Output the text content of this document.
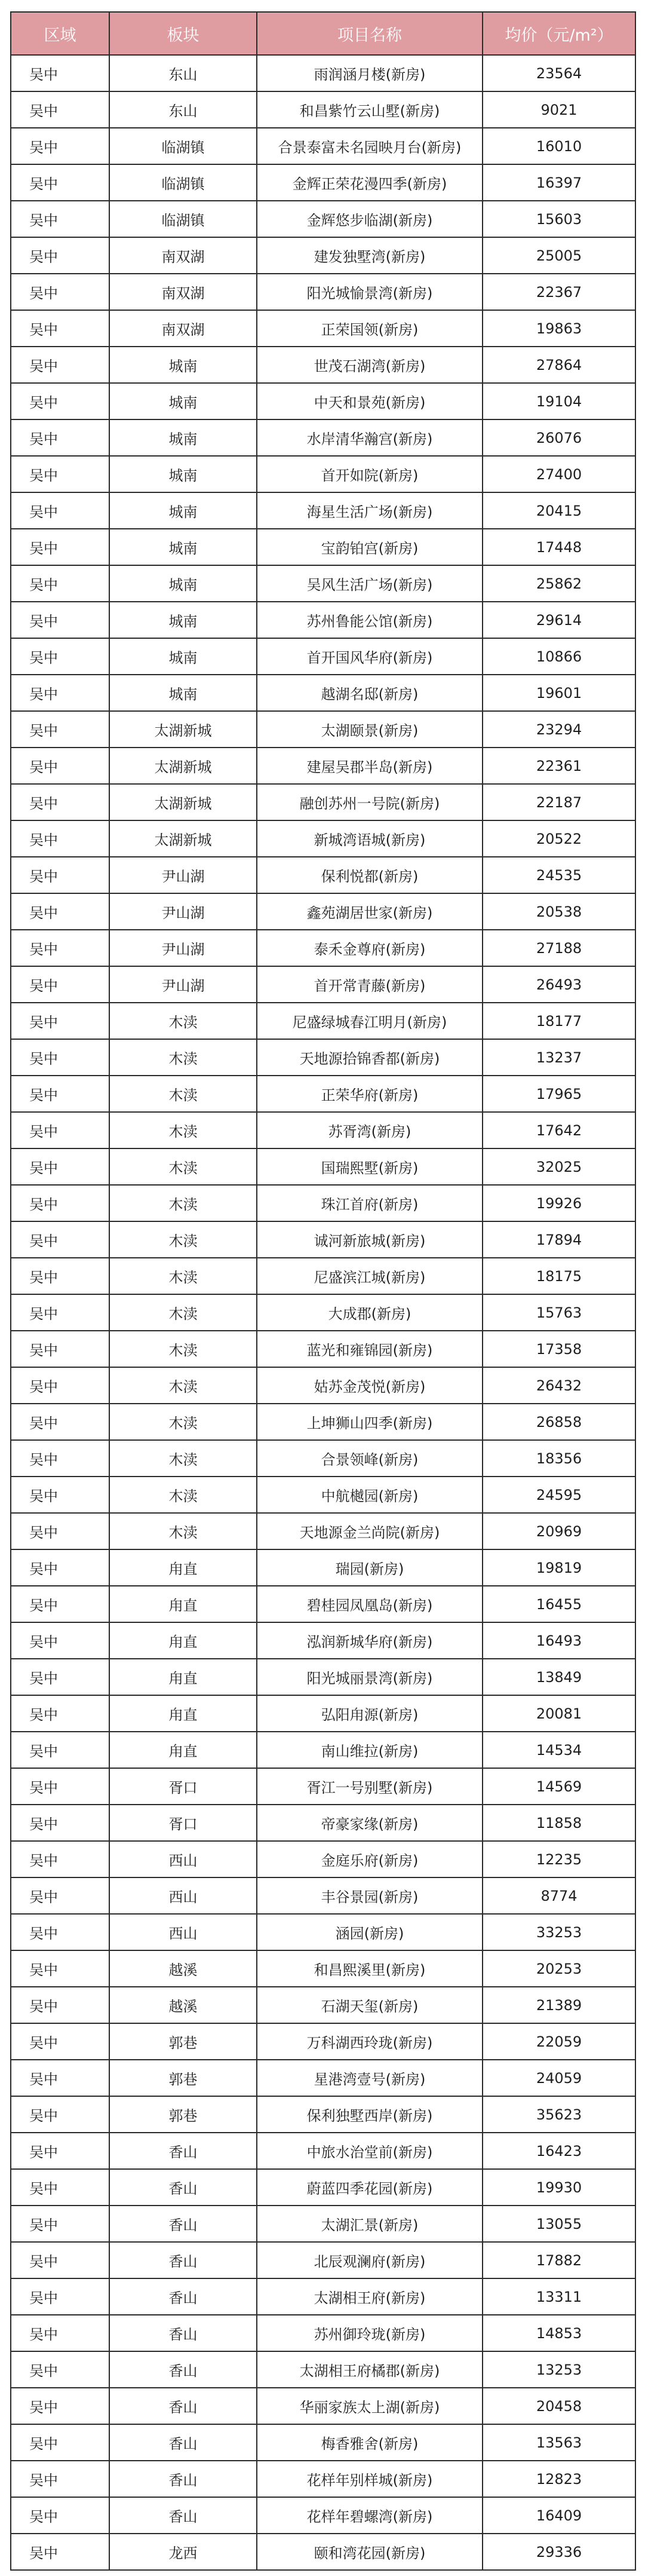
区域	板块	项目名称	均价（元/m²）
吴中	东山	雨润涵月楼(新房)	23564
吴中	东山	和昌紫竹云山墅(新房)	9021
吴中	临湖镇	合景泰富未名园映月台(新房)	16010
吴中	临湖镇	金辉正荣花漫四季(新房)	16397
吴中	临湖镇	金辉悠步临湖(新房)	15603
吴中	南双湖	建发独墅湾(新房)	25005
吴中	南双湖	阳光城愉景湾(新房)	22367
吴中	南双湖	正荣国领(新房)	19863
吴中	城南	世茂石湖湾(新房)	27864
吴中	城南	中天和景苑(新房)	19104
吴中	城南	水岸清华瀚宫(新房)	26076
吴中	城南	首开如院(新房)	27400
吴中	城南	海星生活广场(新房)	20415
吴中	城南	宝韵铂宫(新房)	17448
吴中	城南	吴风生活广场(新房)	25862
吴中	城南	苏州鲁能公馆(新房)	29614
吴中	城南	首开国风华府(新房)	10866
吴中	城南	越湖名邸(新房)	19601
吴中	太湖新城	太湖颐景(新房)	23294
吴中	太湖新城	建屋吴郡半岛(新房)	22361
吴中	太湖新城	融创苏州一号院(新房)	22187
吴中	太湖新城	新城湾语城(新房)	20522
吴中	尹山湖	保利悦都(新房)	24535
吴中	尹山湖	鑫苑湖居世家(新房)	20538
吴中	尹山湖	泰禾金尊府(新房)	27188
吴中	尹山湖	首开常青藤(新房)	26493
吴中	木渎	尼盛绿城春江明月(新房)	18177
吴中	木渎	天地源拾锦香都(新房)	13237
吴中	木渎	正荣华府(新房)	17965
吴中	木渎	苏胥湾(新房)	17642
吴中	木渎	国瑞熙墅(新房)	32025
吴中	木渎	珠江首府(新房)	19926
吴中	木渎	诚河新旅城(新房)	17894
吴中	木渎	尼盛滨江城(新房)	18175
吴中	木渎	大成郡(新房)	15763
吴中	木渎	蓝光和雍锦园(新房)	17358
吴中	木渎	姑苏金茂悦(新房)	26432
吴中	木渎	上坤狮山四季(新房)	26858
吴中	木渎	合景领峰(新房)	18356
吴中	木渎	中航樾园(新房)	24595
吴中	木渎	天地源金兰尚院(新房)	20969
吴中	甪直	瑞园(新房)	19819
吴中	甪直	碧桂园凤凰岛(新房)	16455
吴中	甪直	泓润新城华府(新房)	16493
吴中	甪直	阳光城丽景湾(新房)	13849
吴中	甪直	弘阳甪源(新房)	20081
吴中	甪直	南山维拉(新房)	14534
吴中	胥口	胥江一号别墅(新房)	14569
吴中	胥口	帝豪家缘(新房)	11858
吴中	西山	金庭乐府(新房)	12235
吴中	西山	丰谷景园(新房)	8774
吴中	西山	涵园(新房)	33253
吴中	越溪	和昌熙溪里(新房)	20253
吴中	越溪	石湖天玺(新房)	21389
吴中	郭巷	万科湖西玲珑(新房)	22059
吴中	郭巷	星港湾壹号(新房)	24059
吴中	郭巷	保利独墅西岸(新房)	35623
吴中	香山	中旅水治堂前(新房)	16423
吴中	香山	蔚蓝四季花园(新房)	19930
吴中	香山	太湖汇景(新房)	13055
吴中	香山	北辰观澜府(新房)	17882
吴中	香山	太湖相王府(新房)	13311
吴中	香山	苏州御玲珑(新房)	14853
吴中	香山	太湖相王府橘郡(新房)	13253
吴中	香山	华丽家族太上湖(新房)	20458
吴中	香山	梅香雅舍(新房)	13563
吴中	香山	花样年别样城(新房)	12823
吴中	香山	花样年碧螺湾(新房)	16409
吴中	龙西	颐和湾花园(新房)	29336
